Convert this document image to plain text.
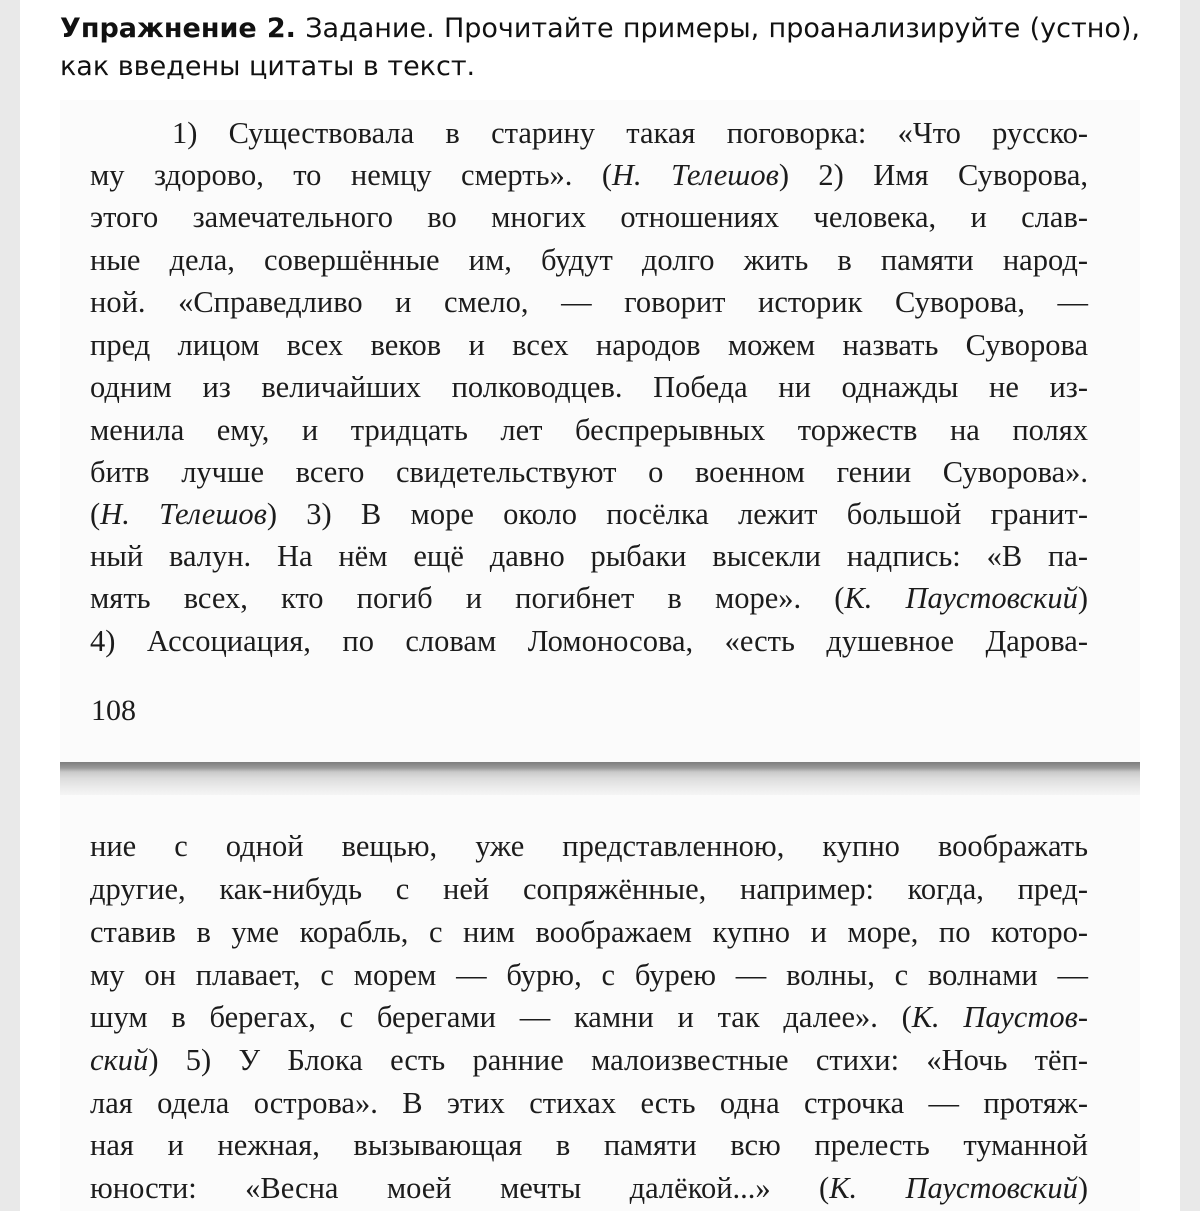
Упражнение 2. Задание. Прочитайте примеры, проанализируйте (устно), как введены цитаты в текст.
1) Существовала в старину такая поговорка: «Что русско-
му здорово, то немцу смерть». (Н. Телешов) 2) Имя Суворова,
этого замечательного во многих отношениях человека, и слав-
ные дела, совершённые им, будут долго жить в памяти народ-
ной. «Справедливо и смело, — говорит историк Суворова, —
пред лицом всех веков и всех народов можем назвать Суворова
одним из величайших полководцев. Победа ни однажды не из-
менила ему, и тридцать лет беспрерывных торжеств на полях
битв лучше всего свидетельствуют о военном гении Суворова».
(Н. Телешов) 3) В море около посёлка лежит большой гранит-
ный валун. На нём ещё давно рыбаки высекли надпись: «В па-
мять всех, кто погиб и погибнет в море». (К. Паустовский)
4) Ассоциация, по словам Ломоносова, «есть душевное Дарова-
108
ние с одной вещью, уже представленною, купно воображать
другие, как-нибудь с ней сопряжённые, например: когда, пред-
ставив в уме корабль, с ним воображаем купно и море, по которо-
му он плавает, с морем — бурю, с бурею — волны, с волнами —
шум в берегах, с берегами — камни и так далее». (К. Паустов-
ский) 5) У Блока есть ранние малоизвестные стихи: «Ночь тёп-
лая одела острова». В этих стихах есть одна строчка — протяж-
ная и нежная, вызывающая в памяти всю прелесть туманной
юности: «Весна моей мечты далёкой...» (К. Паустовский)
